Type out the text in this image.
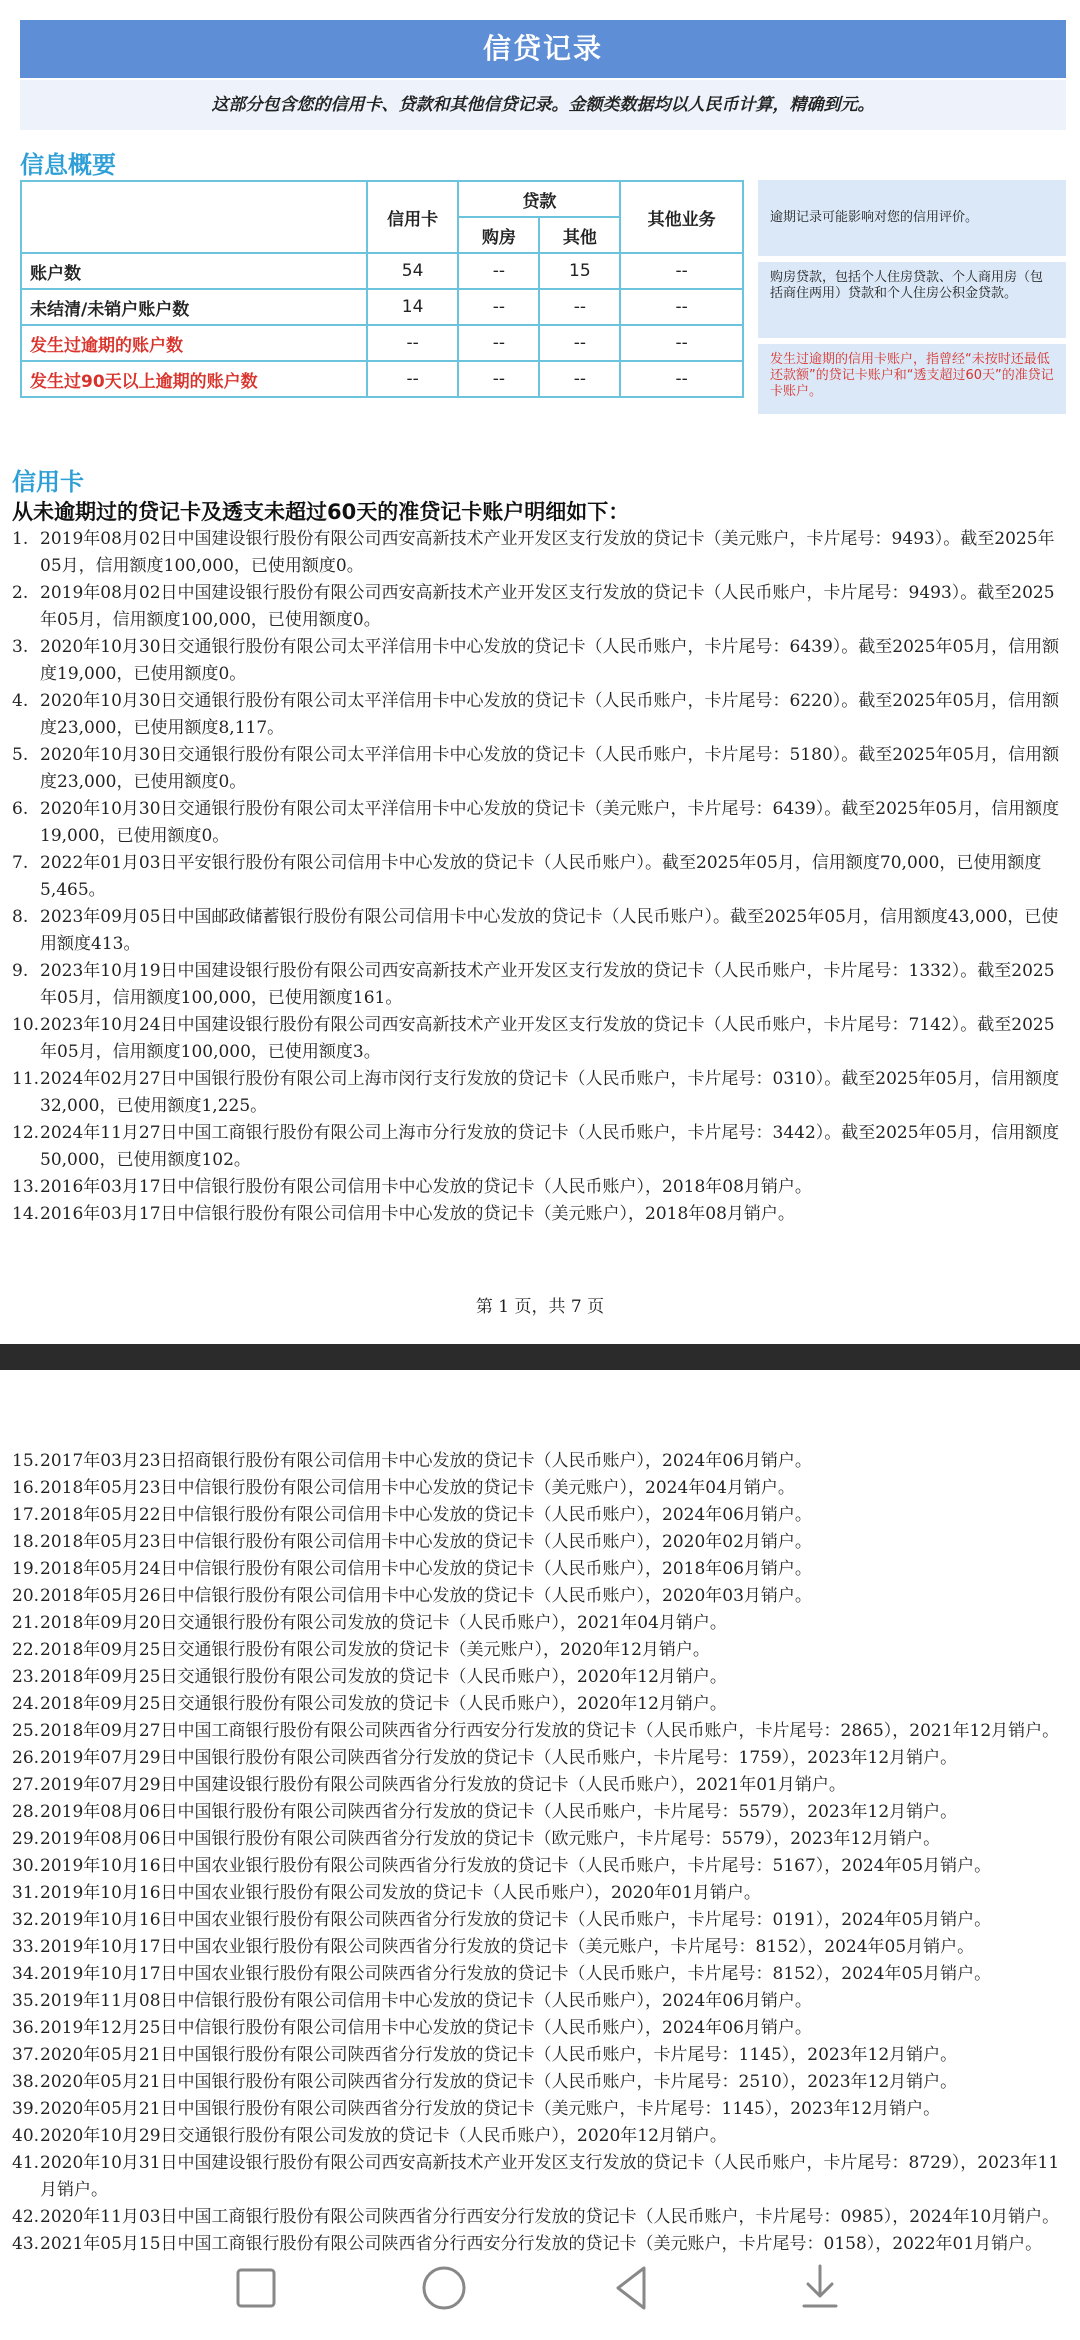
信贷记录
这部分包含您的信用卡、贷款和其他信贷记录。金额类数据均以人民币计算，精确到元。
信息概要
	信用卡	贷款		其他业务
		购房	其他	
账户数	54	--	15	--
未结清/未销户账户数	14	--	--	--
发生过逾期的账户数	--	--	--	--
发生过90天以上逾期的账户数	--	--	--	--
逾期记录可能影响对您的信用评价。
购房贷款，包括个人住房贷款、个人商用房（包括商住两用）贷款和个人住房公积金贷款。
发生过逾期的信用卡账户，指曾经“未按时还最低还款额”的贷记卡账户和“透支超过60天”的准贷记卡账户。
信用卡
从未逾期过的贷记卡及透支未超过60天的准贷记卡账户明细如下：
1. 2019年08月02日中国建设银行股份有限公司西安高新技术产业开发区支行发放的贷记卡（美元账户，卡片尾号：9493）。截至2025年05月，信用额度100,000，已使用额度0。
2. 2019年08月02日中国建设银行股份有限公司西安高新技术产业开发区支行发放的贷记卡（人民币账户，卡片尾号：9493）。截至2025年05月，信用额度100,000，已使用额度0。
3. 2020年10月30日交通银行股份有限公司太平洋信用卡中心发放的贷记卡（人民币账户，卡片尾号：6439）。截至2025年05月，信用额度19,000，已使用额度0。
4. 2020年10月30日交通银行股份有限公司太平洋信用卡中心发放的贷记卡（人民币账户，卡片尾号：6220）。截至2025年05月，信用额度23,000，已使用额度8,117。
5. 2020年10月30日交通银行股份有限公司太平洋信用卡中心发放的贷记卡（人民币账户，卡片尾号：5180）。截至2025年05月，信用额度23,000，已使用额度0。
6. 2020年10月30日交通银行股份有限公司太平洋信用卡中心发放的贷记卡（美元账户，卡片尾号：6439）。截至2025年05月，信用额度19,000，已使用额度0。
7. 2022年01月03日平安银行股份有限公司信用卡中心发放的贷记卡（人民币账户）。截至2025年05月，信用额度70,000，已使用额度5,465。
8. 2023年09月05日中国邮政储蓄银行股份有限公司信用卡中心发放的贷记卡（人民币账户）。截至2025年05月，信用额度43,000，已使用额度413。
9. 2023年10月19日中国建设银行股份有限公司西安高新技术产业开发区支行发放的贷记卡（人民币账户，卡片尾号：1332）。截至2025年05月，信用额度100,000，已使用额度161。
10. 2023年10月24日中国建设银行股份有限公司西安高新技术产业开发区支行发放的贷记卡（人民币账户，卡片尾号：7142）。截至2025年05月，信用额度100,000，已使用额度3。
11. 2024年02月27日中国银行股份有限公司上海市闵行支行发放的贷记卡（人民币账户，卡片尾号：0310）。截至2025年05月，信用额度32,000，已使用额度1,225。
12. 2024年11月27日中国工商银行股份有限公司上海市分行发放的贷记卡（人民币账户，卡片尾号：3442）。截至2025年05月，信用额度50,000，已使用额度102。
13. 2016年03月17日中信银行股份有限公司信用卡中心发放的贷记卡（人民币账户），2018年08月销户。
14. 2016年03月17日中信银行股份有限公司信用卡中心发放的贷记卡（美元账户），2018年08月销户。
第 1 页，共 7 页
15. 2017年03月23日招商银行股份有限公司信用卡中心发放的贷记卡（人民币账户），2024年06月销户。
16. 2018年05月23日中信银行股份有限公司信用卡中心发放的贷记卡（美元账户），2024年04月销户。
17. 2018年05月22日中信银行股份有限公司信用卡中心发放的贷记卡（人民币账户），2024年06月销户。
18. 2018年05月23日中信银行股份有限公司信用卡中心发放的贷记卡（人民币账户），2020年02月销户。
19. 2018年05月24日中信银行股份有限公司信用卡中心发放的贷记卡（人民币账户），2018年06月销户。
20. 2018年05月26日中信银行股份有限公司信用卡中心发放的贷记卡（人民币账户），2020年03月销户。
21. 2018年09月20日交通银行股份有限公司发放的贷记卡（人民币账户），2021年04月销户。
22. 2018年09月25日交通银行股份有限公司发放的贷记卡（美元账户），2020年12月销户。
23. 2018年09月25日交通银行股份有限公司发放的贷记卡（人民币账户），2020年12月销户。
24. 2018年09月25日交通银行股份有限公司发放的贷记卡（人民币账户），2020年12月销户。
25. 2018年09月27日中国工商银行股份有限公司陕西省分行西安分行发放的贷记卡（人民币账户，卡片尾号：2865），2021年12月销户。
26. 2019年07月29日中国银行股份有限公司陕西省分行发放的贷记卡（人民币账户，卡片尾号：1759），2023年12月销户。
27. 2019年07月29日中国建设银行股份有限公司陕西省分行发放的贷记卡（人民币账户），2021年01月销户。
28. 2019年08月06日中国银行股份有限公司陕西省分行发放的贷记卡（人民币账户，卡片尾号：5579），2023年12月销户。
29. 2019年08月06日中国银行股份有限公司陕西省分行发放的贷记卡（欧元账户，卡片尾号：5579），2023年12月销户。
30. 2019年10月16日中国农业银行股份有限公司陕西省分行发放的贷记卡（人民币账户，卡片尾号：5167），2024年05月销户。
31. 2019年10月16日中国农业银行股份有限公司发放的贷记卡（人民币账户），2020年01月销户。
32. 2019年10月16日中国农业银行股份有限公司陕西省分行发放的贷记卡（人民币账户，卡片尾号：0191），2024年05月销户。
33. 2019年10月17日中国农业银行股份有限公司陕西省分行发放的贷记卡（美元账户，卡片尾号：8152），2024年05月销户。
34. 2019年10月17日中国农业银行股份有限公司陕西省分行发放的贷记卡（人民币账户，卡片尾号：8152），2024年05月销户。
35. 2019年11月08日中信银行股份有限公司信用卡中心发放的贷记卡（人民币账户），2024年06月销户。
36. 2019年12月25日中信银行股份有限公司信用卡中心发放的贷记卡（人民币账户），2024年06月销户。
37. 2020年05月21日中国银行股份有限公司陕西省分行发放的贷记卡（人民币账户，卡片尾号：1145），2023年12月销户。
38. 2020年05月21日中国银行股份有限公司陕西省分行发放的贷记卡（人民币账户，卡片尾号：2510），2023年12月销户。
39. 2020年05月21日中国银行股份有限公司陕西省分行发放的贷记卡（美元账户，卡片尾号：1145），2023年12月销户。
40. 2020年10月29日交通银行股份有限公司发放的贷记卡（人民币账户），2020年12月销户。
41. 2020年10月31日中国建设银行股份有限公司西安高新技术产业开发区支行发放的贷记卡（人民币账户，卡片尾号：8729），2023年11月销户。
42. 2020年11月03日中国工商银行股份有限公司陕西省分行西安分行发放的贷记卡（人民币账户，卡片尾号：0985），2024年10月销户。
43. 2021年05月15日中国工商银行股份有限公司陕西省分行西安分行发放的贷记卡（美元账户，卡片尾号：0158），2022年01月销户。
